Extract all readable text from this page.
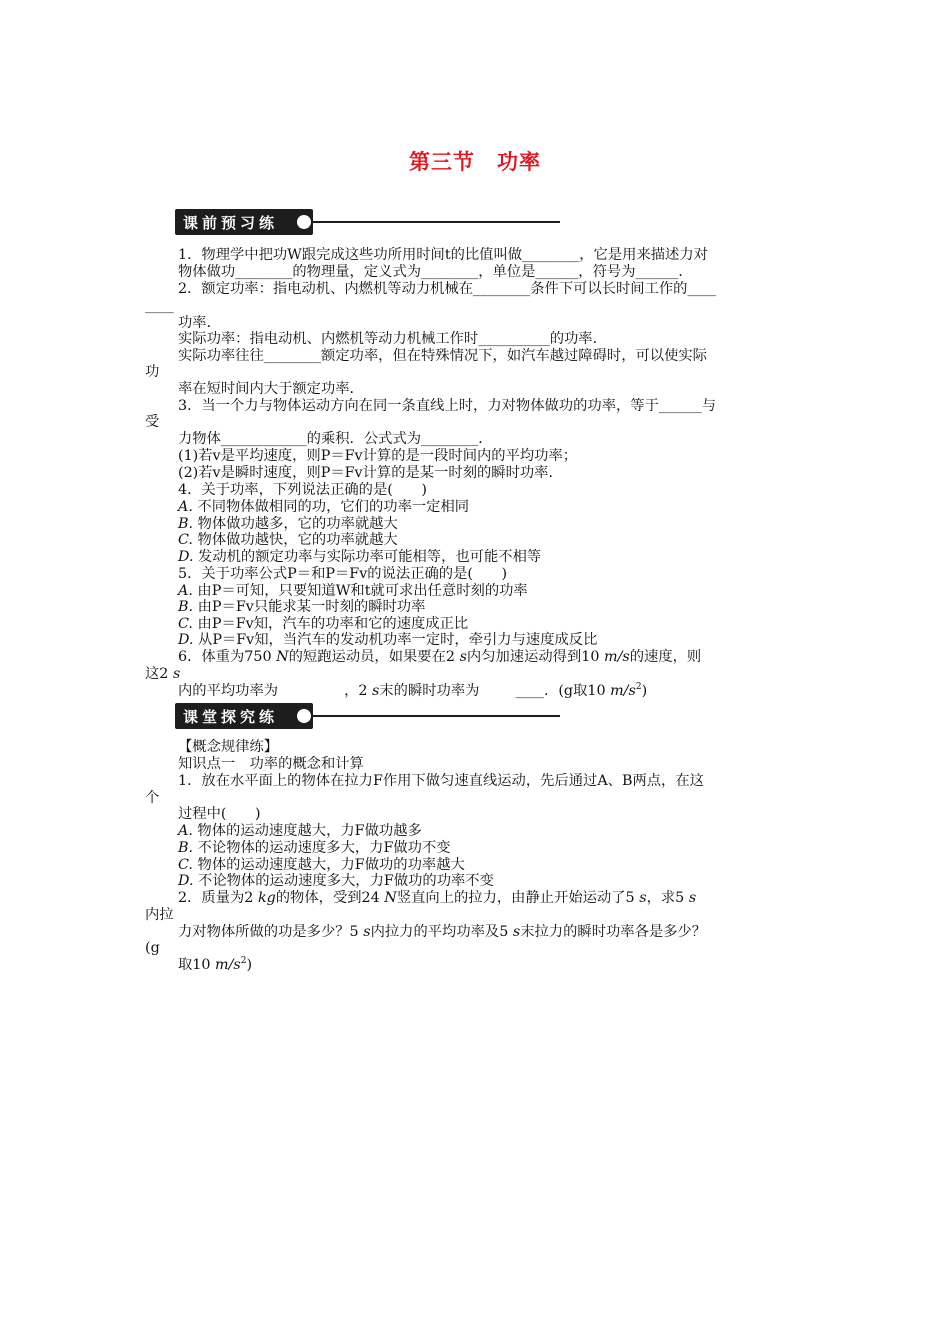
第三节　功率
课前预习练
1．物理学中把功W跟完成这些功所用时间t的比值叫做________，它是用来描述力对
物体做功________的物理量，定义式为________，单位是______，符号为______．
2．额定功率：指电动机、内燃机等动力机械在________条件下可以长时间工作的____
____
功率．
实际功率：指电动机、内燃机等动力机械工作时__________的功率．
实际功率往往________额定功率，但在特殊情况下，如汽车越过障碍时，可以使实际
功
率在短时间内大于额定功率．
3．当一个力与物体运动方向在同一条直线上时，力对物体做功的功率，等于______与
受
力物体____________的乘积．公式式为________．
(1)若v是平均速度，则P＝Fv计算的是一段时间内的平均功率；
(2)若v是瞬时速度，则P＝Fv计算的是某一时刻的瞬时功率．
4．关于功率，下列说法正确的是(　　)
A. 不同物体做相同的功，它们的功率一定相同
B. 物体做功越多，它的功率就越大
C. 物体做功越快，它的功率就越大
D. 发动机的额定功率与实际功率可能相等，也可能不相等
5．关于功率公式P＝和P＝Fv的说法正确的是(　　)
A. 由P＝可知，只要知道W和t就可求出任意时刻的功率
B. 由P＝Fv只能求某一时刻的瞬时功率
C. 由P＝Fv知，汽车的功率和它的速度成正比
D. 从P＝Fv知，当汽车的发动机功率一定时，牵引力与速度成反比
6．体重为750 N的短跑运动员，如果要在2 s内匀加速运动得到10 m/s的速度，则
这2 s
内的平均功率为	，2 s末的瞬时功率为	____．(g取10 $m/s^2$)
课堂探究练
【概念规律练】
知识点一　功率的概念和计算
1．放在水平面上的物体在拉力F作用下做匀速直线运动，先后通过A、B两点，在这
个
过程中(　　)
A. 物体的运动速度越大，力F做功越多
B. 不论物体的运动速度多大，力F做功不变
C. 物体的运动速度越大，力F做功的功率越大
D. 不论物体的运动速度多大，力F做功的功率不变
2．质量为2 kg的物体，受到24 N竖直向上的拉力，由静止开始运动了5 s，求5 s
内拉
力对物体所做的功是多少？5 s内拉力的平均功率及5 s末拉力的瞬时功率各是多少？
(g
取10 $m/s^2$)
